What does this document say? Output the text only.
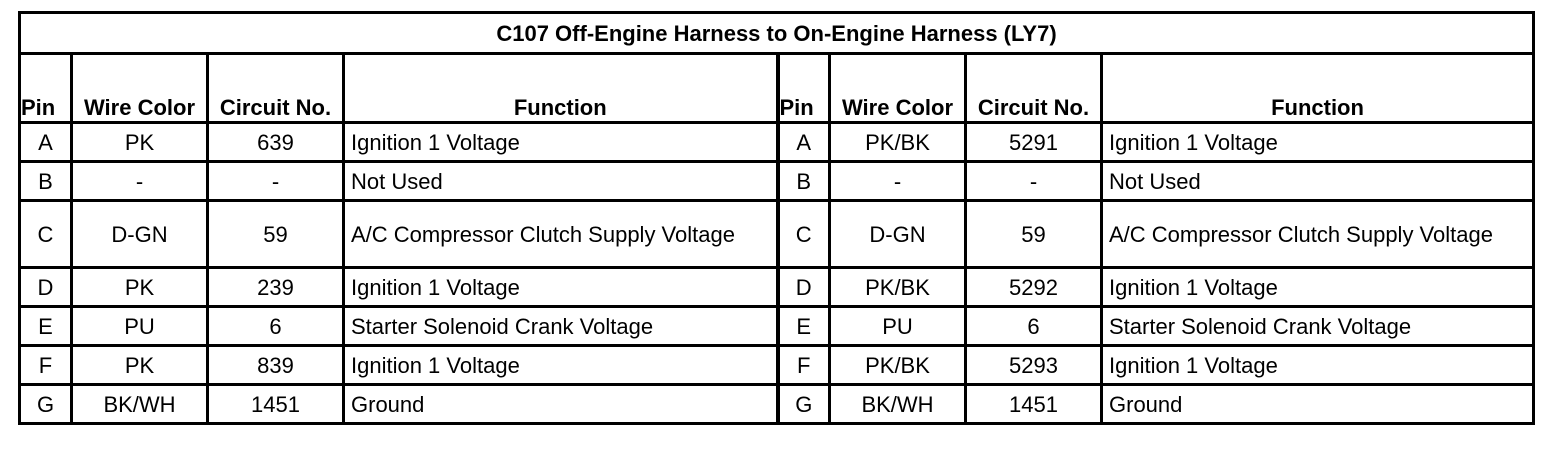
C107 Off-Engine Harness to On-Engine Harness (LY7)							
Pin	Wire Color	Circuit No.	Function	Pin	Wire Color	Circuit No.	Function
A	PK	639	Ignition 1 Voltage	A	PK/BK	5291	Ignition 1 Voltage
B	-	-	Not Used	B	-	-	Not Used
C	D-GN	59	A/C Compressor Clutch Supply Voltage	C	D-GN	59	A/C Compressor Clutch Supply Voltage
D	PK	239	Ignition 1 Voltage	D	PK/BK	5292	Ignition 1 Voltage
E	PU	6	Starter Solenoid Crank Voltage	E	PU	6	Starter Solenoid Crank Voltage
F	PK	839	Ignition 1 Voltage	F	PK/BK	5293	Ignition 1 Voltage
G	BK/WH	1451	Ground	G	BK/WH	1451	Ground
